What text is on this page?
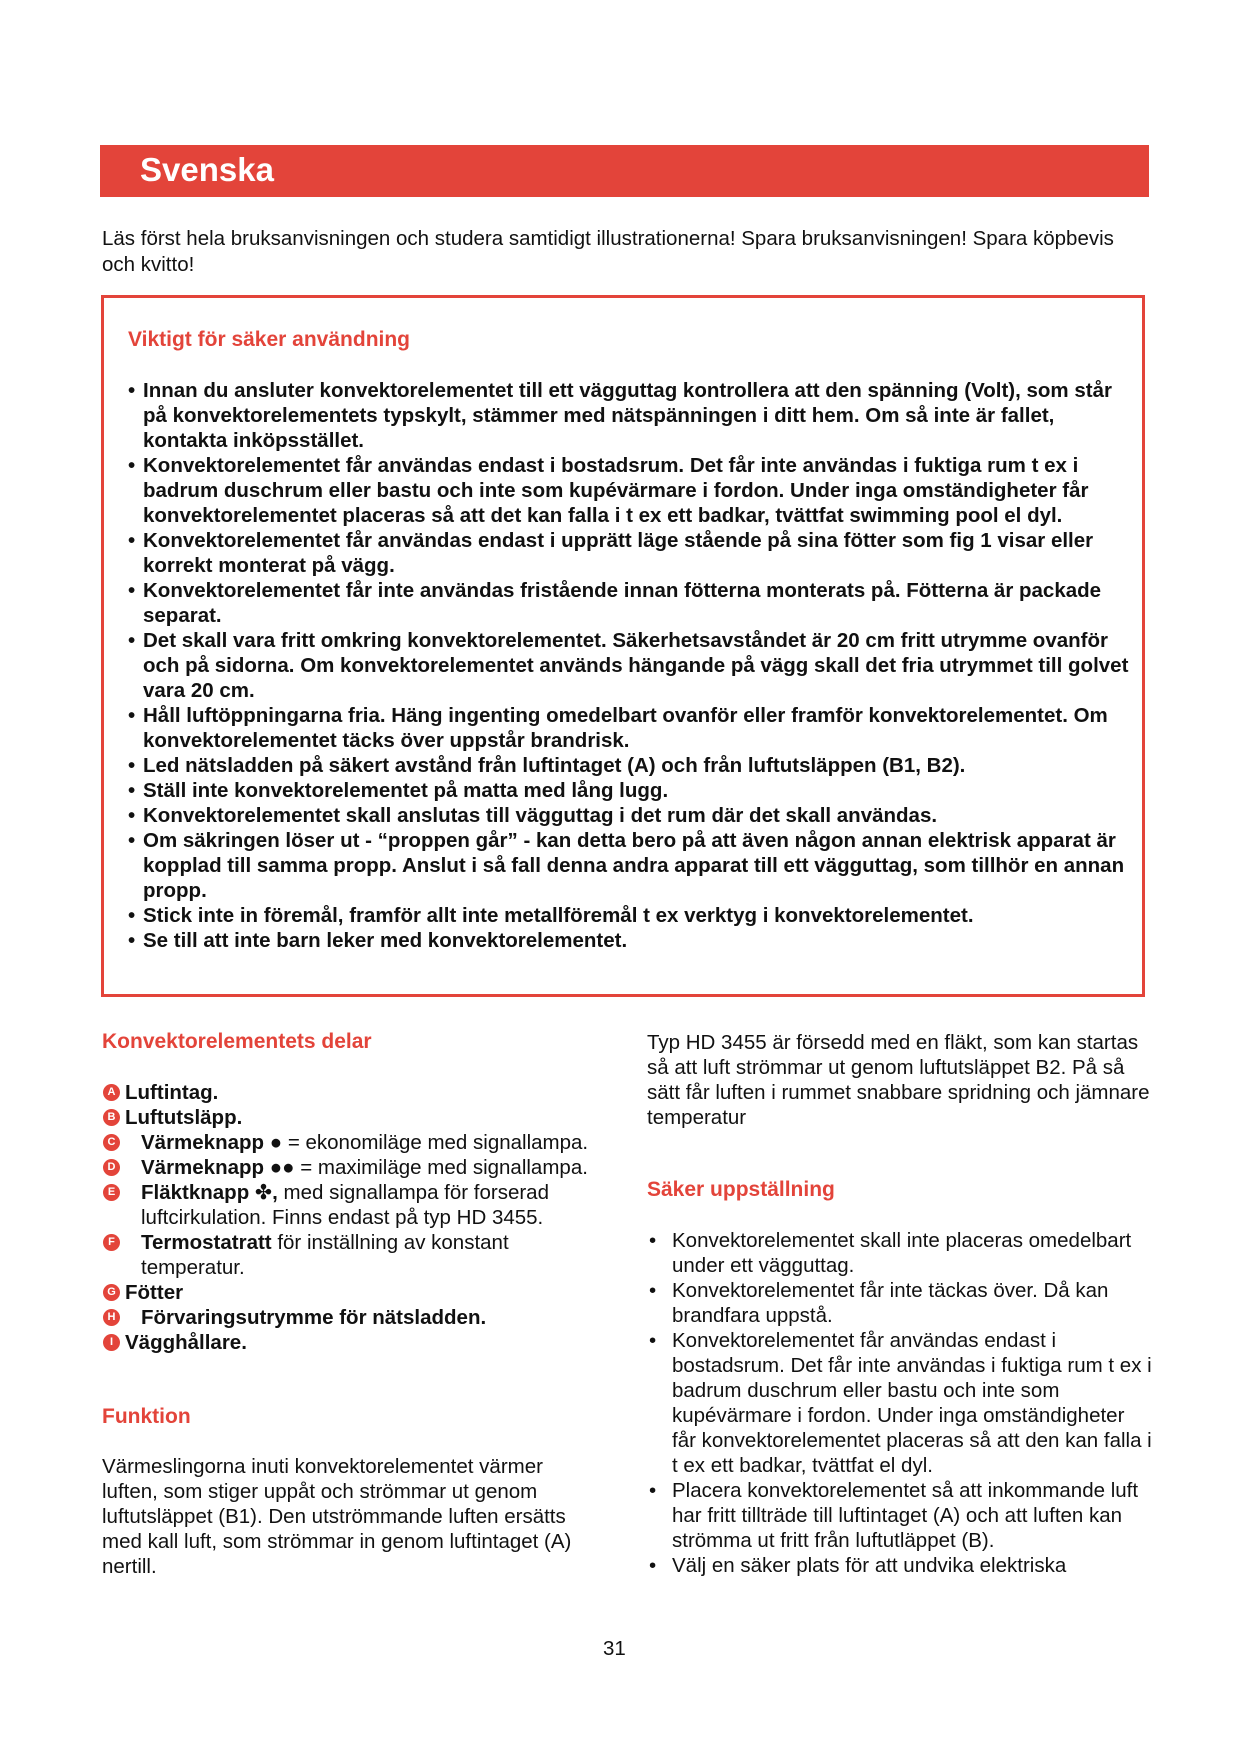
Svenska
Läs först hela bruksanvisningen och studera samtidigt illustrationerna! Spara bruksanvisningen! Spara köpbevis och kvitto!
Viktigt för säker användning
• Innan du ansluter konvektorelementet till ett vägguttag kontrollera att den spänning (Volt), som står på konvektorelementets typskylt, stämmer med nätspänningen i ditt hem. Om så inte är fallet, kontakta inköpsstället.
• Konvektorelementet får användas endast i bostadsrum. Det får inte användas i fuktiga rum t ex i badrum duschrum eller bastu och inte som kupévärmare i fordon. Under inga omständigheter får konvektorelementet placeras så att det kan falla i t ex ett badkar, tvättfat swimming pool el dyl.
• Konvektorelementet får användas endast i upprätt läge stående på sina fötter som fig 1 visar eller korrekt monterat på vägg.
• Konvektorelementet får inte användas fristående innan fötterna monterats på. Fötterna är packade separat.
• Det skall vara fritt omkring konvektorelementet. Säkerhetsavståndet är 20 cm fritt utrymme ovanför och på sidorna. Om konvektorelementet används hängande på vägg skall det fria utrymmet till golvet vara 20 cm.
• Håll luftöppningarna fria. Häng ingenting omedelbart ovanför eller framför konvektorelementet. Om konvektorelementet täcks över uppstår brandrisk.
• Led nätsladden på säkert avstånd från luftintaget (A) och från luftutsläppen (B1, B2).
• Ställ inte konvektorelementet på matta med lång lugg.
• Konvektorelementet skall anslutas till vägguttag i det rum där det skall användas.
• Om säkringen löser ut - “proppen går” - kan detta bero på att även någon annan elektrisk apparat är kopplad till samma propp. Anslut i så fall denna andra apparat till ett vägguttag, som tillhör en annan propp.
• Stick inte in föremål, framför allt inte metallföremål t ex verktyg i konvektorelementet.
• Se till att inte barn leker med konvektorelementet.
Konvektorelementets delar
A Luftintag.
B Luftutsläpp.
C Värmeknapp ● = ekonomiläge med signallampa.
D Värmeknapp ●● = maximiläge med signallampa.
E Fläktknapp ✤, med signallampa för forserad luftcirkulation. Finns endast på typ HD 3455.
F Termostatratt för inställning av konstant temperatur.
G Fötter
H Förvaringsutrymme för nätsladden.
I Vägghållare.
Funktion

Värmeslingorna inuti konvektorelementet värmer luften, som stiger uppåt och strömmar ut genom luftutsläppet (B1). Den utströmmande luften ersätts med kall luft, som strömmar in genom luftintaget (A) nertill.

Typ HD 3455 är försedd med en fläkt, som kan startas så att luft strömmar ut genom luftutsläppet B2. På så sätt får luften i rummet snabbare spridning och jämnare temperatur

Säker uppställning
• Konvektorelementet skall inte placeras omedelbart under ett vägguttag.
• Konvektorelementet får inte täckas över. Då kan brandfara uppstå.
• Konvektorelementet får användas endast i bostadsrum. Det får inte användas i fuktiga rum t ex i badrum duschrum eller bastu och inte som kupévärmare i fordon. Under inga omständigheter får konvektorelementet placeras så att den kan falla i t ex ett badkar, tvättfat el dyl.
• Placera konvektorelementet så att inkommande luft har fritt tillträde till luftintaget (A) och att luften kan strömma ut fritt från luftutläppet (B).
• Välj en säker plats för att undvika elektriska
31
